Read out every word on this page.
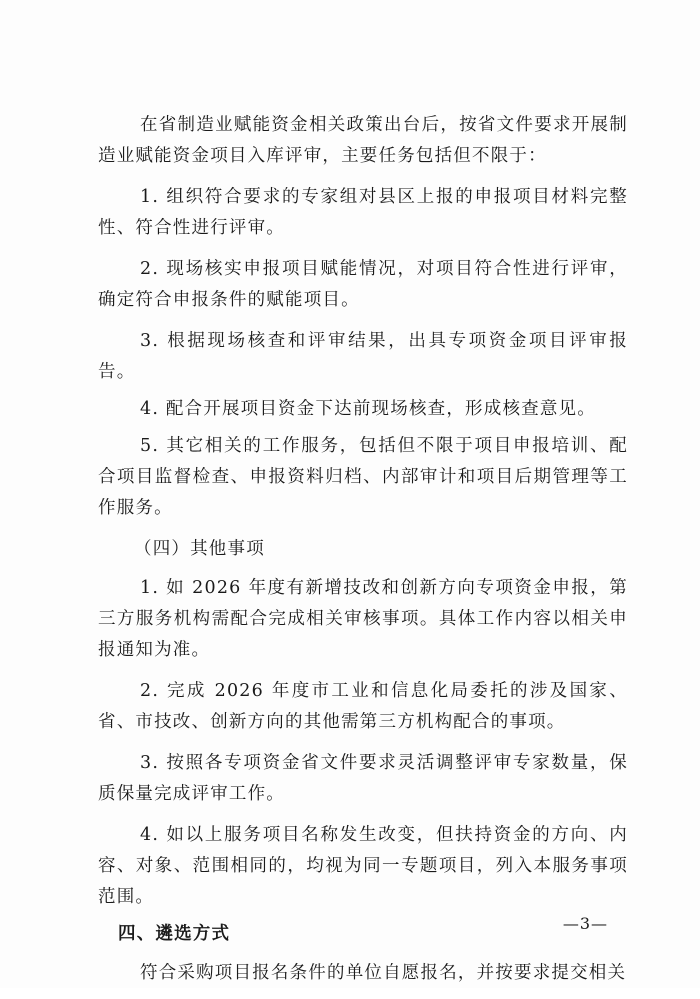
在省制造业赋能资金相关政策出台后，按省文件要求开展制造业赋能资金项目入库评审，主要任务包括但不限于：

1. 组织符合要求的专家组对县区上报的申报项目材料完整性、符合性进行评审。

2. 现场核实申报项目赋能情况，对项目符合性进行评审，确定符合申报条件的赋能项目。

3. 根据现场核查和评审结果，出具专项资金项目评审报告。

4. 配合开展项目资金下达前现场核查，形成核查意见。

5. 其它相关的工作服务，包括但不限于项目申报培训、配合项目监督检查、申报资料归档、内部审计和项目后期管理等工作服务。

（四）其他事项

1. 如 2026 年度有新增技改和创新方向专项资金申报，第三方服务机构需配合完成相关审核事项。具体工作内容以相关申报通知为准。

2. 完成 2026 年度市工业和信息化局委托的涉及国家、省、市技改、创新方向的其他需第三方机构配合的事项。

3. 按照各专项资金省文件要求灵活调整评审专家数量，保质保量完成评审工作。

4. 如以上服务项目名称发生改变，但扶持资金的方向、内容、对象、范围相同的，均视为同一专题项目，列入本服务事项范围。

四、遴选方式

符合采购项目报名条件的单位自愿报名，并按要求提交相关

—3—
